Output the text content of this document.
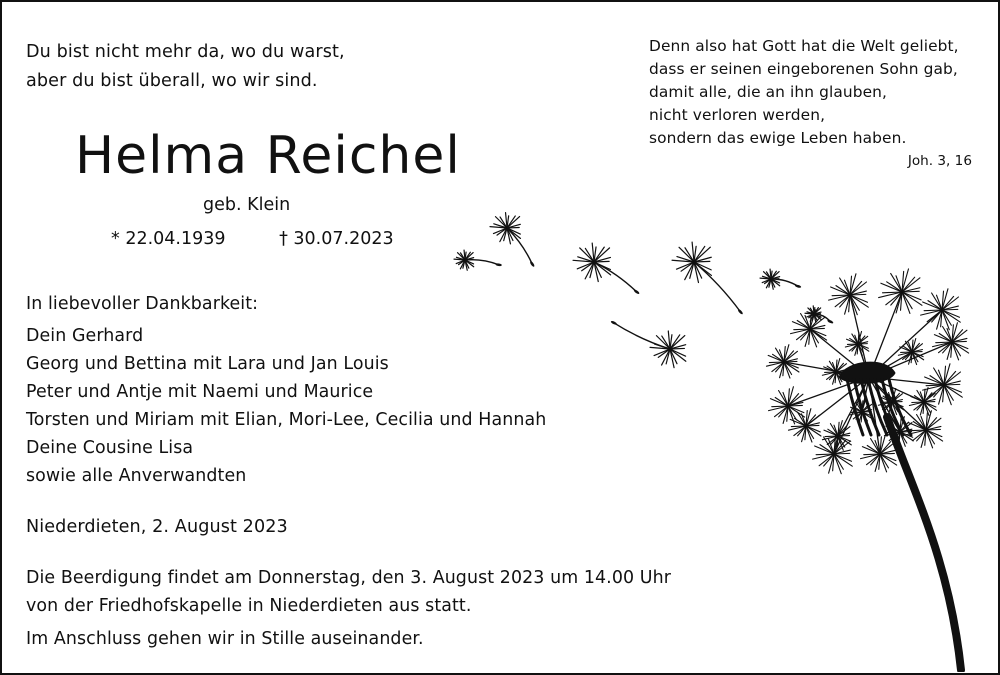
Du bist nicht mehr da, wo du warst,
aber du bist überall, wo wir sind.
Denn also hat Gott hat die Welt geliebt,
dass er seinen eingeborenen Sohn gab,
damit alle, die an ihn glauben,
nicht verloren werden,
sondern das ewige Leben haben.
Joh. 3, 16
Helma Reichel
geb. Klein
* 22.04.1939	† 30.07.2023
In liebevoller Dankbarkeit:
Dein Gerhard
Georg und Bettina mit Lara und Jan Louis
Peter und Antje mit Naemi und Maurice
Torsten und Miriam mit Elian, Mori-Lee, Cecilia und Hannah
Deine Cousine Lisa
sowie alle Anverwandten
Niederdieten, 2. August 2023
Die Beerdigung findet am Donnerstag, den 3. August 2023 um 14.00 Uhr
von der Friedhofskapelle in Niederdieten aus statt.
Im Anschluss gehen wir in Stille auseinander.
